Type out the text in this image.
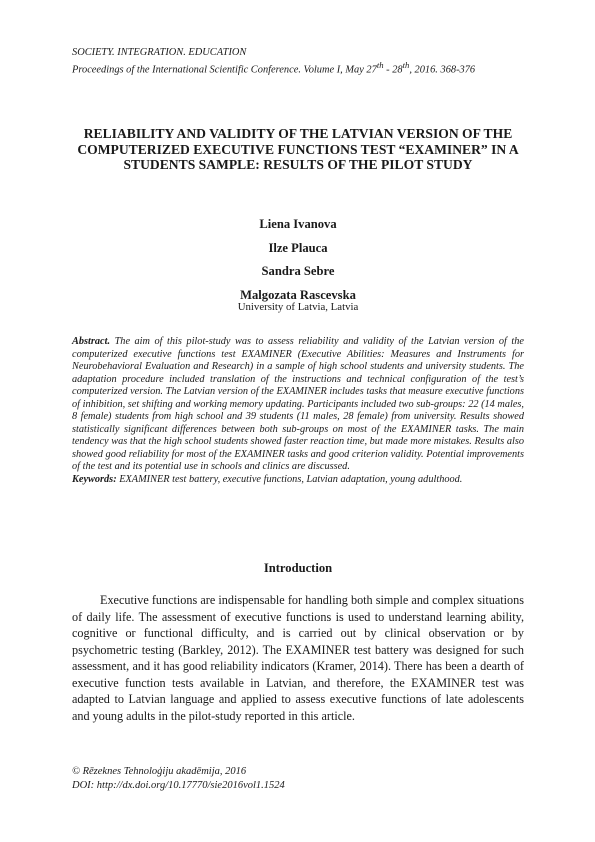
SOCIETY. INTEGRATION. EDUCATION
Proceedings of the International Scientific Conference. Volume I, May 27th - 28th, 2016. 368-376
RELIABILITY AND VALIDITY OF THE LATVIAN VERSION OF THE COMPUTERIZED EXECUTIVE FUNCTIONS TEST “EXAMINER” IN A STUDENTS SAMPLE: RESULTS OF THE PILOT STUDY
Liena Ivanova
Ilze Plauca
Sandra Sebre
Malgozata Rascevska
University of Latvia, Latvia
Abstract. The aim of this pilot-study was to assess reliability and validity of the Latvian version of the computerized executive functions test EXAMINER (Executive Abilities: Measures and Instruments for Neurobehavioral Evaluation and Research) in a sample of high school students and university students. The adaptation procedure included translation of the instructions and technical configuration of the test’s computerized version. The Latvian version of the EXAMINER includes tasks that measure executive functions of inhibition, set shifting and working memory updating. Participants included two sub-groups: 22 (14 males, 8 female) students from high school and 39 students (11 males, 28 female) from university. Results showed statistically significant differences between both sub-groups on most of the EXAMINER tasks. The main tendency was that the high school students showed faster reaction time, but made more mistakes. Results also showed good reliability for most of the EXAMINER tasks and good criterion validity. Potential improvements of the test and its potential use in schools and clinics are discussed.
Keywords: EXAMINER test battery, executive functions, Latvian adaptation, young adulthood.
Introduction
Executive functions are indispensable for handling both simple and complex situations of daily life. The assessment of executive functions is used to understand learning ability, cognitive or functional difficulty, and is carried out by clinical observation or by psychometric testing (Barkley, 2012). The EXAMINER test battery was designed for such assessment, and it has good reliability indicators (Kramer, 2014). There has been a dearth of executive function tests available in Latvian, and therefore, the EXAMINER test was adapted to Latvian language and applied to assess executive functions of late adolescents and young adults in the pilot-study reported in this article.
© Rēzeknes Tehnoloģiju akadēmija, 2016
DOI: http://dx.doi.org/10.17770/sie2016vol1.1524
